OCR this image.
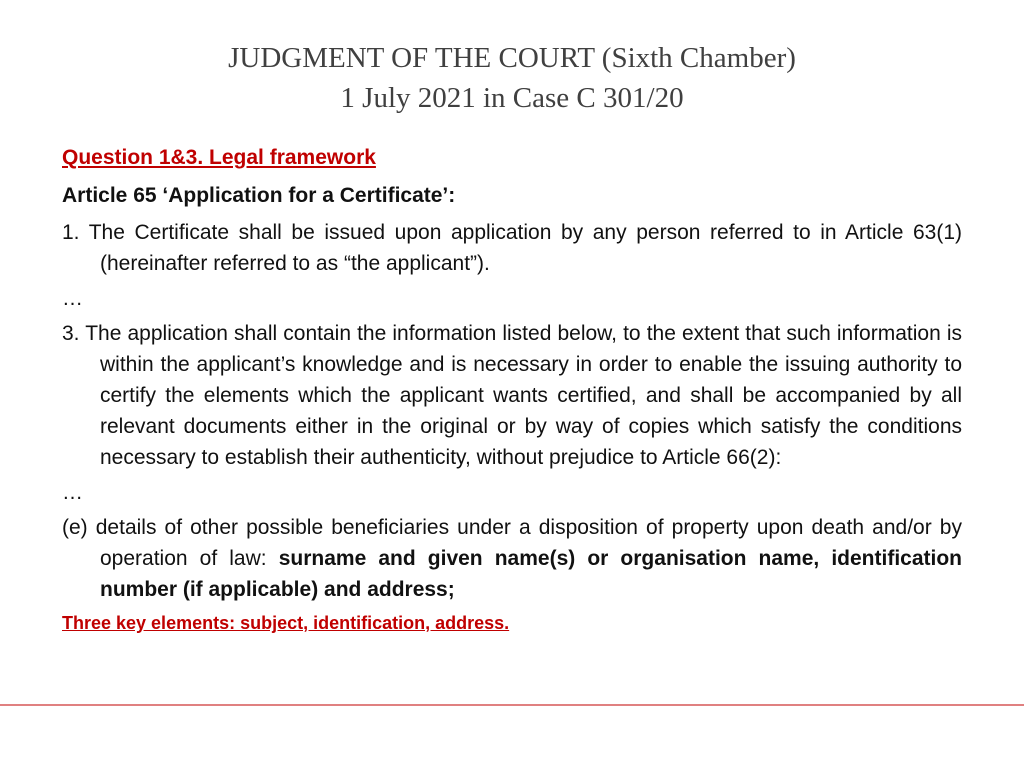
JUDGMENT OF THE COURT (Sixth Chamber)
1 July 2021 in Case C 301/20
Question 1&3. Legal framework
Article 65 ‘Application for a Certificate’:
1. The Certificate shall be issued upon application by any person referred to in Article 63(1) (hereinafter referred to as “the applicant”).
…
3. The application shall contain the information listed below, to the extent that such information is within the applicant’s knowledge and is necessary in order to enable the issuing authority to certify the elements which the applicant wants certified, and shall be accompanied by all relevant documents either in the original or by way of copies which satisfy the conditions necessary to establish their authenticity, without prejudice to Article 66(2):
…
(e) details of other possible beneficiaries under a disposition of property upon death and/or by operation of law: surname and given name(s) or organisation name, identification number (if applicable) and address;
Three key elements: subject, identification, address.
